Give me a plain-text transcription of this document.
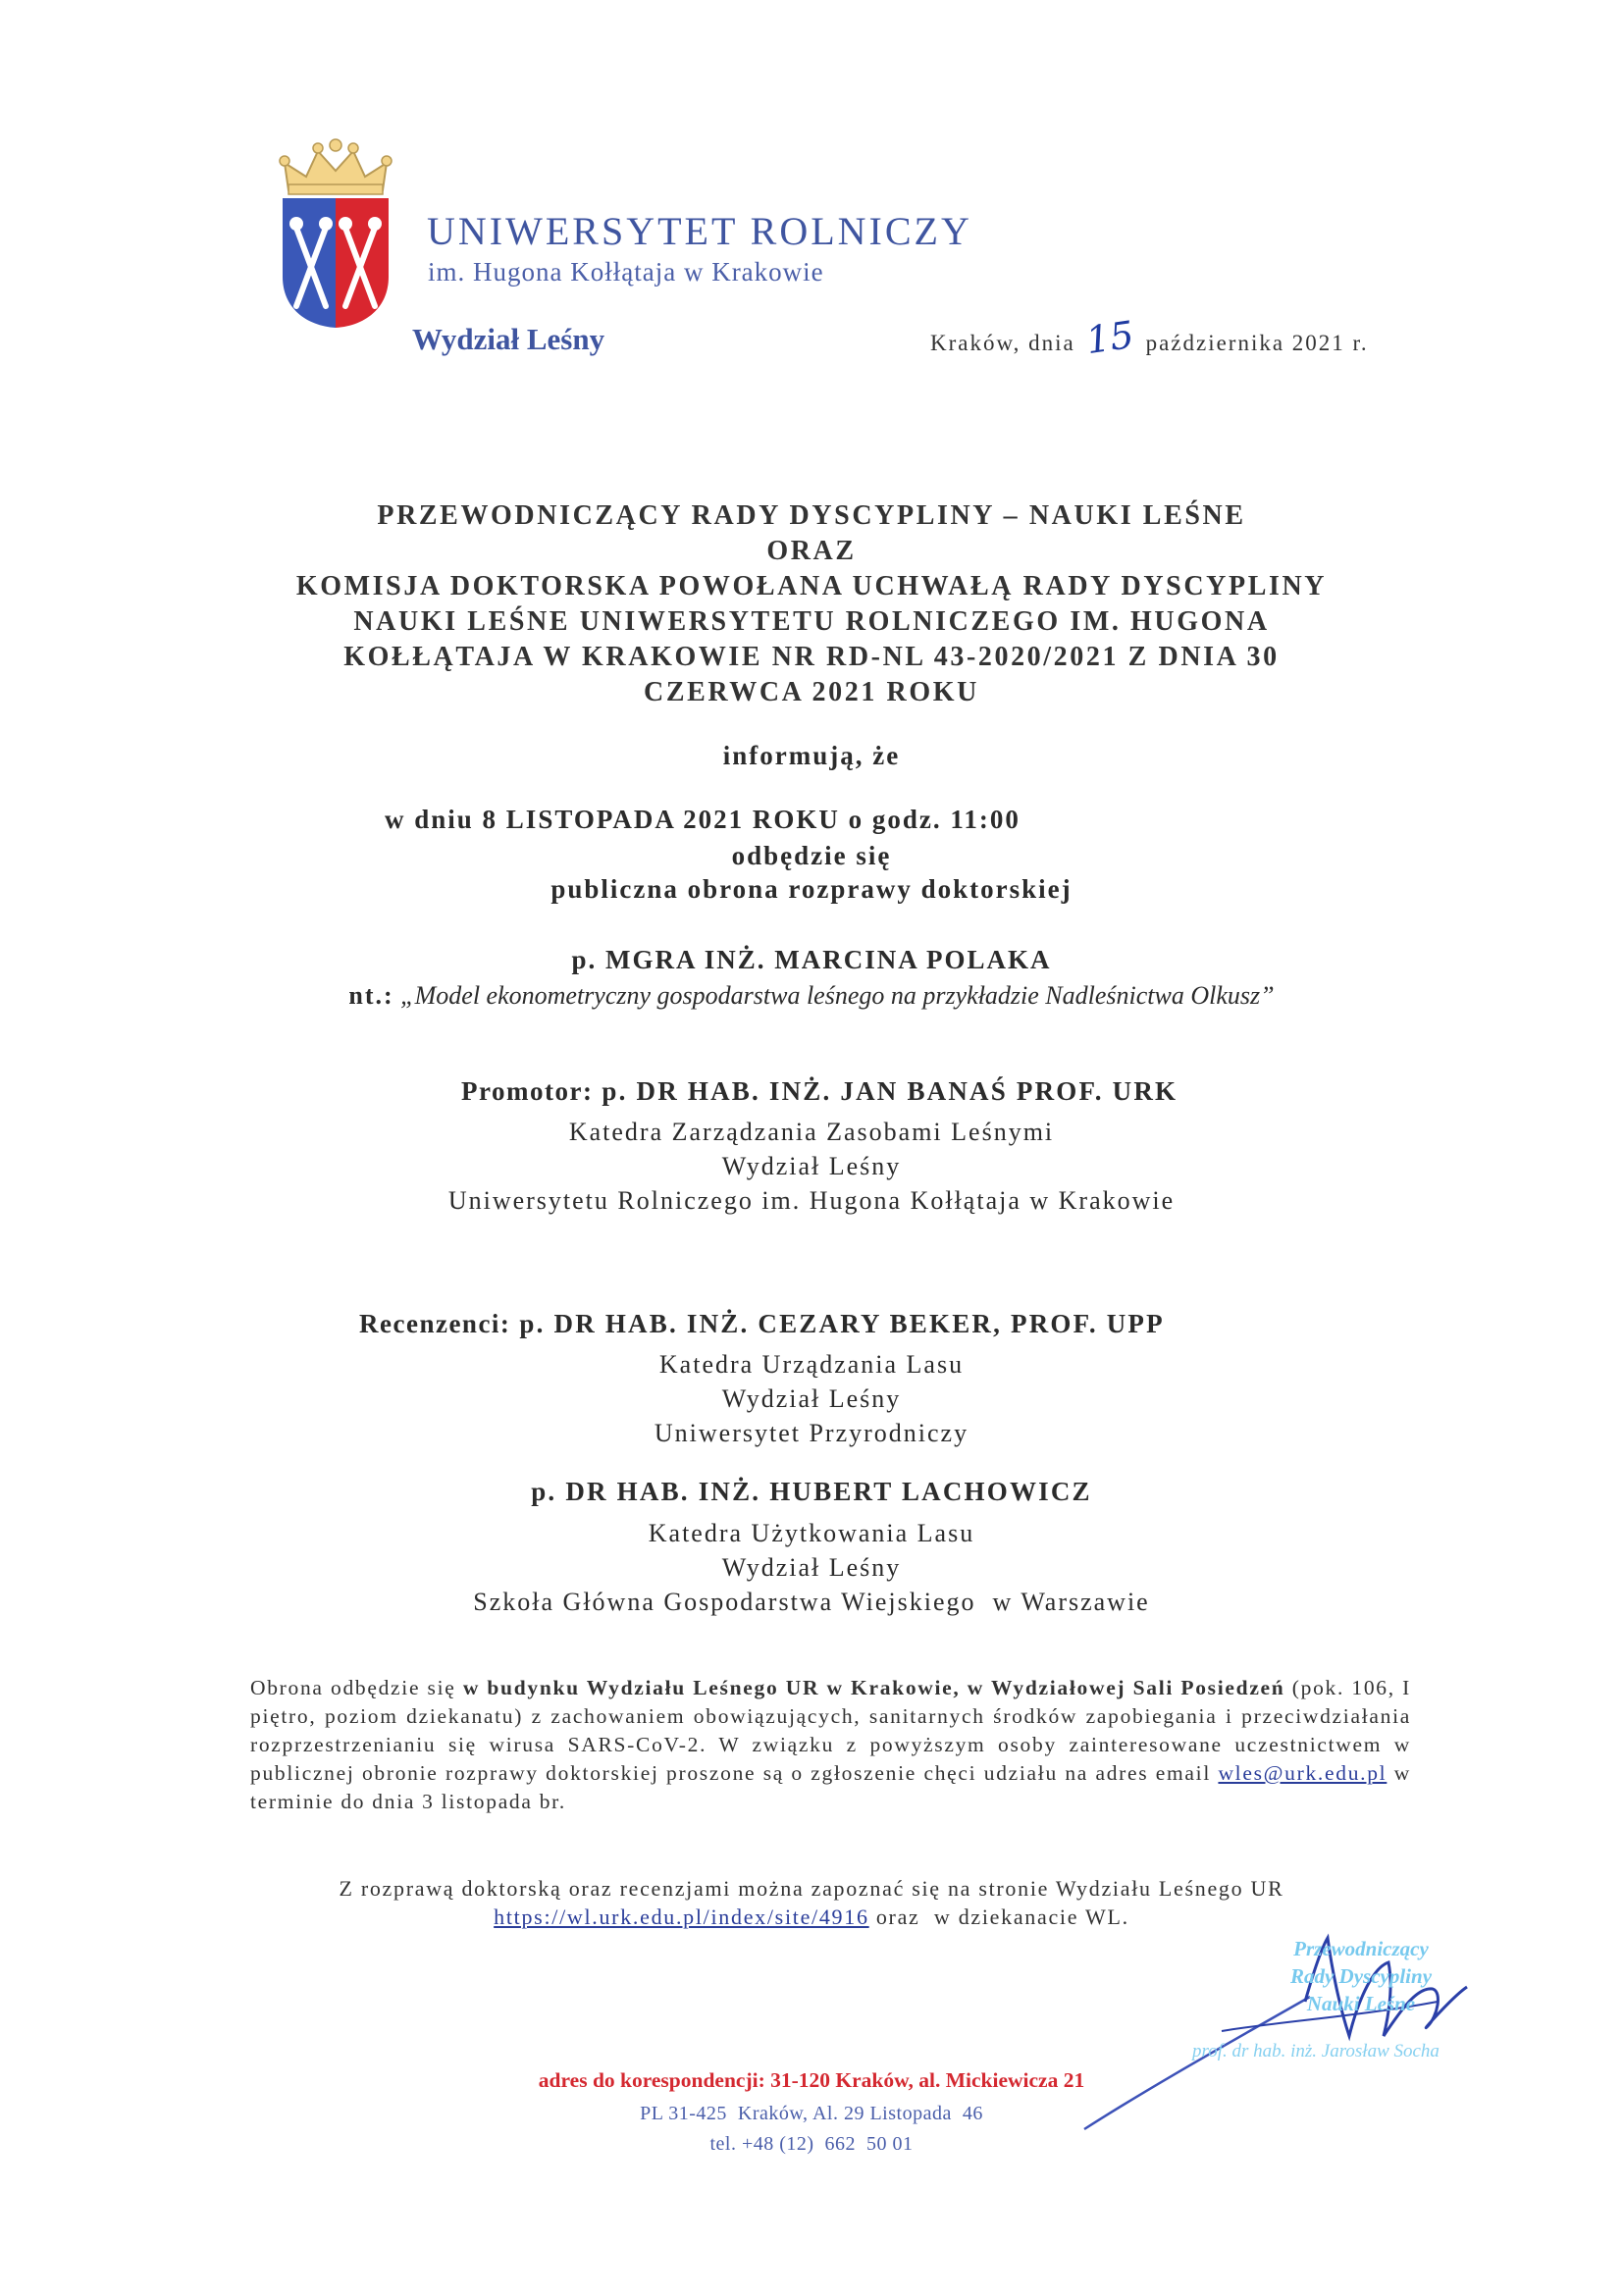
UNIWERSYTET ROLNICZY
im. Hugona Kołłątaja w Krakowie
Wydział Leśny	Kraków, dnia 15 października 2021 r.
PRZEWODNICZĄCY RADY DYSCYPLINY – NAUKI LEŚNE
ORAZ
KOMISJA DOKTORSKA POWOŁANA UCHWAŁĄ RADY DYSCYPLINY
NAUKI LEŚNE UNIWERSYTETU ROLNICZEGO IM. HUGONA
KOŁŁĄTAJA W KRAKOWIE NR RD-NL 43-2020/2021 Z DNIA 30
CZERWCA 2021 ROKU
informują, że
w dniu 8 LISTOPADA 2021 ROKU o godz. 11:00
odbędzie się
publiczna obrona rozprawy doktorskiej
p. MGRA INŻ. MARCINA POLAKA
nt.: „Model ekonometryczny gospodarstwa leśnego na przykładzie Nadleśnictwa Olkusz”
Promotor: p. DR HAB. INŻ. JAN BANAŚ PROF. URK
Katedra Zarządzania Zasobami Leśnymi
Wydział Leśny
Uniwersytetu Rolniczego im. Hugona Kołłątaja w Krakowie
Recenzenci: p. DR HAB. INŻ. CEZARY BEKER, PROF. UPP
Katedra Urządzania Lasu
Wydział Leśny
Uniwersytet Przyrodniczy
p. DR HAB. INŻ. HUBERT LACHOWICZ
Katedra Użytkowania Lasu
Wydział Leśny
Szkoła Główna Gospodarstwa Wiejskiego  w Warszawie
Obrona odbędzie się w budynku Wydziału Leśnego UR w Krakowie, w Wydziałowej Sali Posiedzeń (pok. 106, I piętro, poziom dziekanatu) z zachowaniem obowiązujących, sanitarnych środków zapobiegania i przeciwdziałania rozprzestrzenianiu się wirusa SARS-CoV-2. W związku z powyższym osoby zainteresowane uczestnictwem w publicznej obronie rozprawy doktorskiej proszone są o zgłoszenie chęci udziału na adres email wles@urk.edu.pl w terminie do dnia 3 listopada br.
Z rozprawą doktorską oraz recenzjami można zapoznać się na stronie Wydziału Leśnego UR
https://wl.urk.edu.pl/index/site/4916 oraz  w dziekanacie WL.
Przewodniczący
Rady Dyscypliny
Nauki Leśne
prof. dr hab. inż. Jarosław Socha
adres do korespondencji: 31-120 Kraków, al. Mickiewicza 21
PL 31-425  Kraków, Al. 29 Listopada  46
tel. +48 (12)  662  50 01
